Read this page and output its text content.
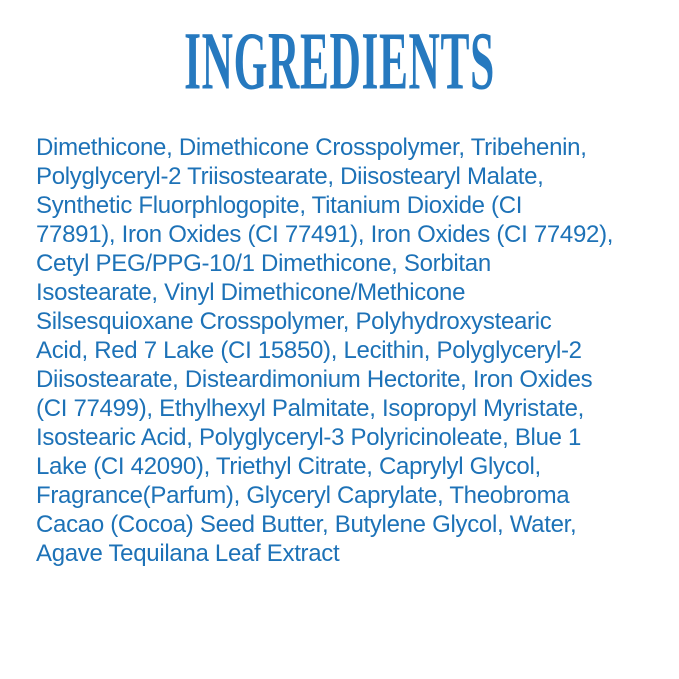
INGREDIENTS
Dimethicone, Dimethicone Crosspolymer, Tribehenin,
Polyglyceryl-2 Triisostearate, Diisostearyl Malate,
Synthetic Fluorphlogopite, Titanium Dioxide (CI
77891), Iron Oxides (CI 77491), Iron Oxides (CI 77492),
Cetyl PEG/PPG-10/1 Dimethicone, Sorbitan
Isostearate, Vinyl Dimethicone/Methicone
Silsesquioxane Crosspolymer, Polyhydroxystearic
Acid, Red 7 Lake (CI 15850), Lecithin, Polyglyceryl-2
Diisostearate, Disteardimonium Hectorite, Iron Oxides
(CI 77499), Ethylhexyl Palmitate, Isopropyl Myristate,
Isostearic Acid, Polyglyceryl-3 Polyricinoleate, Blue 1
Lake (CI 42090), Triethyl Citrate, Caprylyl Glycol,
Fragrance(Parfum), Glyceryl Caprylate, Theobroma
Cacao (Cocoa) Seed Butter, Butylene Glycol, Water,
Agave Tequilana Leaf Extract
